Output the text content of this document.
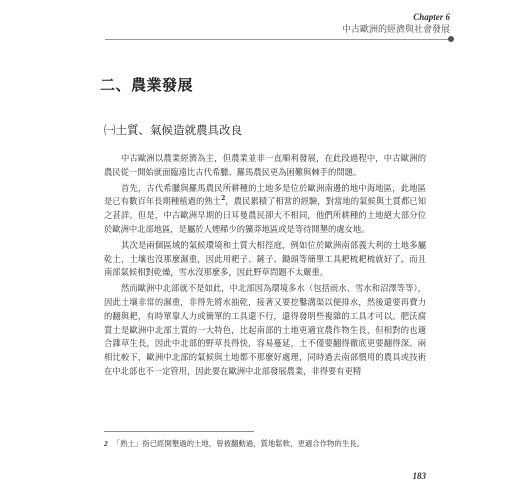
Chapter 6
中古歐洲的經濟與社會發展
二、農業發展
㈠土質、氣候造就農具改良

中古歐洲以農業經濟為主，但農業並非一直順利發展，在此段過程中，中古歐洲的農民從一開始就面臨遠比古代希臘、羅馬農民更為困難與棘手的問題。

首先，古代希臘與羅馬農民所耕種的土地多是位於歐洲南邊的地中海地區，此地區是已有數百年長期種植過的熟土$^2$，農民累積了相當的經驗，對當地的氣候與土質都已知之甚詳。但是，中古歐洲早期的日耳曼農民卻大不相同，他們所耕種的土地絕大部分位於歐洲中北部地區，是屬於人煙稀少的獷莽地區或是等待開墾的處女地。

其次是兩個區域的氣候環境和土質大相徑庭，例如位於歐洲南部義大利的土地多屬乾土，土壤也沒那麼濕重，因此用耙子、鏟子、鋤頭等簡單工具耙梳耙梳就好了。而且南部氣候相對乾燥，雪水沒那麼多，因此野草問題不太嚴重。

然而歐洲中北部就不是如此，中北部因為環境多水（包括雨水、雪水和沼澤等等），因此土壤非常的濕重，非得先將水抽乾，接著又要挖鑿溝渠以便排水，然後還要再費力的翻與耙，有時單靠人力或簡單的工具還不行，還得發明些複雜的工具才可以。肥沃腐質土是歐洲中北部土質的一大特色，比起南部的土地更適宜農作物生長，但相對的也適合雜草生長，因此中北部的野草長得快，容易蔓延，土不僅要翻得徹底更要翻得深。兩相比較下，歐洲中北部的氣候與土地都不那麼好處理，同時過去南部慣用的農具或技術在中北部也不一定管用，因此要在歐洲中北部發展農業，非得要有更精

2 「熟土」指已經開墾過的土地，曾被翻動過，質地鬆軟，更適合作物的生長。
183
